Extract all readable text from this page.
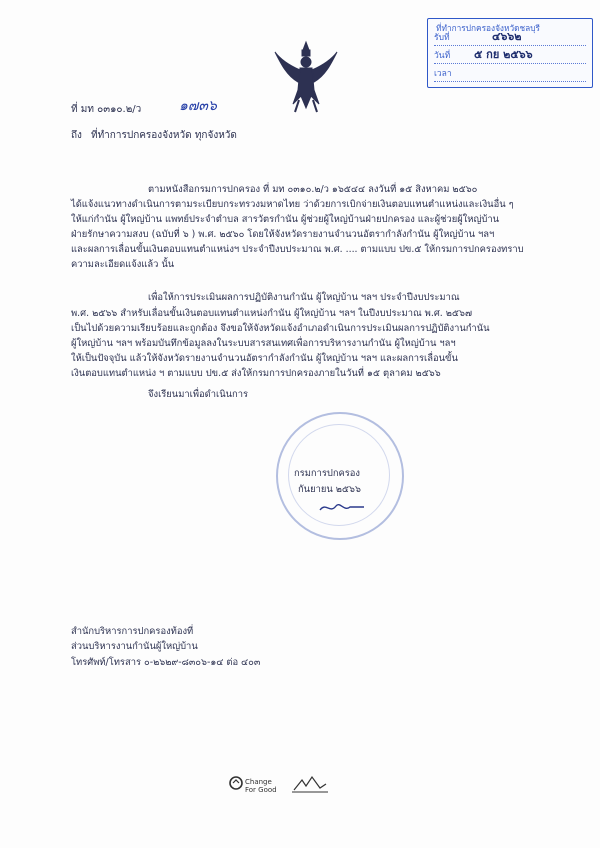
ที่ทำการปกครองจังหวัดชลบุรี
รับที่	๔๖๖๒
วันที่ ๕ กย ๒๕๖๖
เวลา
ที่ มท ๐๓๑๐.๒/ว	๑๗๓๖
ถึง ที่ทำการปกครองจังหวัด ทุกจังหวัด
ตามหนังสือกรมการปกครอง ที่ มท ๐๓๑๐.๒/ว ๑๖๕๔๔ ลงวันที่ ๑๕ สิงหาคม ๒๕๖๐
ได้แจ้งแนวทางดำเนินการตามระเบียบกระทรวงมหาดไทย ว่าด้วยการเบิกจ่ายเงินตอบแทนตำแหน่งและเงินอื่น ๆ
ให้แก่กำนัน ผู้ใหญ่บ้าน แพทย์ประจำตำบล สารวัตรกำนัน ผู้ช่วยผู้ใหญ่บ้านฝ่ายปกครอง และผู้ช่วยผู้ใหญ่บ้าน
ฝ่ายรักษาความสงบ (ฉบับที่ ๖ ) พ.ศ. ๒๕๖๐ โดยให้จังหวัดรายงานจำนวนอัตรากำลังกำนัน ผู้ใหญ่บ้าน ฯลฯ
และผลการเลื่อนขั้นเงินตอบแทนตำแหน่งฯ ประจำปีงบประมาณ พ.ศ. .... ตามแบบ ปข.๕ ให้กรมการปกครองทราบ
ความละเอียดแจ้งแล้ว นั้น
เพื่อให้การประเมินผลการปฏิบัติงานกำนัน ผู้ใหญ่บ้าน ฯลฯ ประจำปีงบประมาณ
พ.ศ. ๒๕๖๖ สำหรับเลื่อนขั้นเงินตอบแทนตำแหน่งกำนัน ผู้ใหญ่บ้าน ฯลฯ ในปีงบประมาณ พ.ศ. ๒๕๖๗
เป็นไปด้วยความเรียบร้อยและถูกต้อง จึงขอให้จังหวัดแจ้งอำเภอดำเนินการประเมินผลการปฏิบัติงานกำนัน
ผู้ใหญ่บ้าน ฯลฯ พร้อมบันทึกข้อมูลลงในระบบสารสนเทศเพื่อการบริหารงานกำนัน ผู้ใหญ่บ้าน ฯลฯ
ให้เป็นปัจจุบัน แล้วให้จังหวัดรายงานจำนวนอัตรากำลังกำนัน ผู้ใหญ่บ้าน ฯลฯ และผลการเลื่อนขั้น
เงินตอบแทนตำแหน่ง ฯ ตามแบบ ปข.๕ ส่งให้กรมการปกครองภายในวันที่ ๑๕ ตุลาคม ๒๕๖๖
จึงเรียนมาเพื่อดำเนินการ
กรมการปกครอง
กันยายน ๒๕๖๖
สำนักบริหารการปกครองท้องที่
ส่วนบริหารงานกำนันผู้ใหญ่บ้าน
โทรศัพท์/โทรสาร ๐-๒๖๒๙-๘๓๐๖-๑๔ ต่อ ๔๐๓
Change
For Good
